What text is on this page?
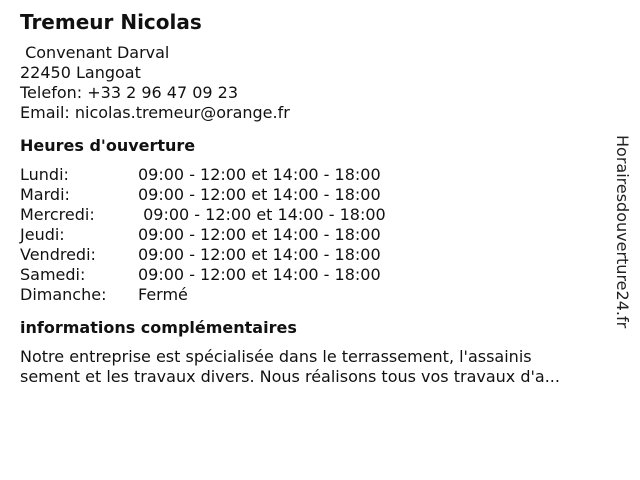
Tremeur Nicolas
Convenant Darval
22450 Langoat
Telefon: +33 2 96 47 09 23
Email: nicolas.tremeur@orange.fr
Heures d'ouverture
Lundi:	09:00 - 12:00 et 14:00 - 18:00
Mardi:	09:00 - 12:00 et 14:00 - 18:00
Mercredi:	09:00 - 12:00 et 14:00 - 18:00
Jeudi:	09:00 - 12:00 et 14:00 - 18:00
Vendredi:	09:00 - 12:00 et 14:00 - 18:00
Samedi:	09:00 - 12:00 et 14:00 - 18:00
Dimanche:	Fermé
informations complémentaires
Notre entreprise est spécialisée dans le terrassement, l'assainis
sement et les travaux divers. Nous réalisons tous vos travaux d'a...
Horairesdouverture24.fr
